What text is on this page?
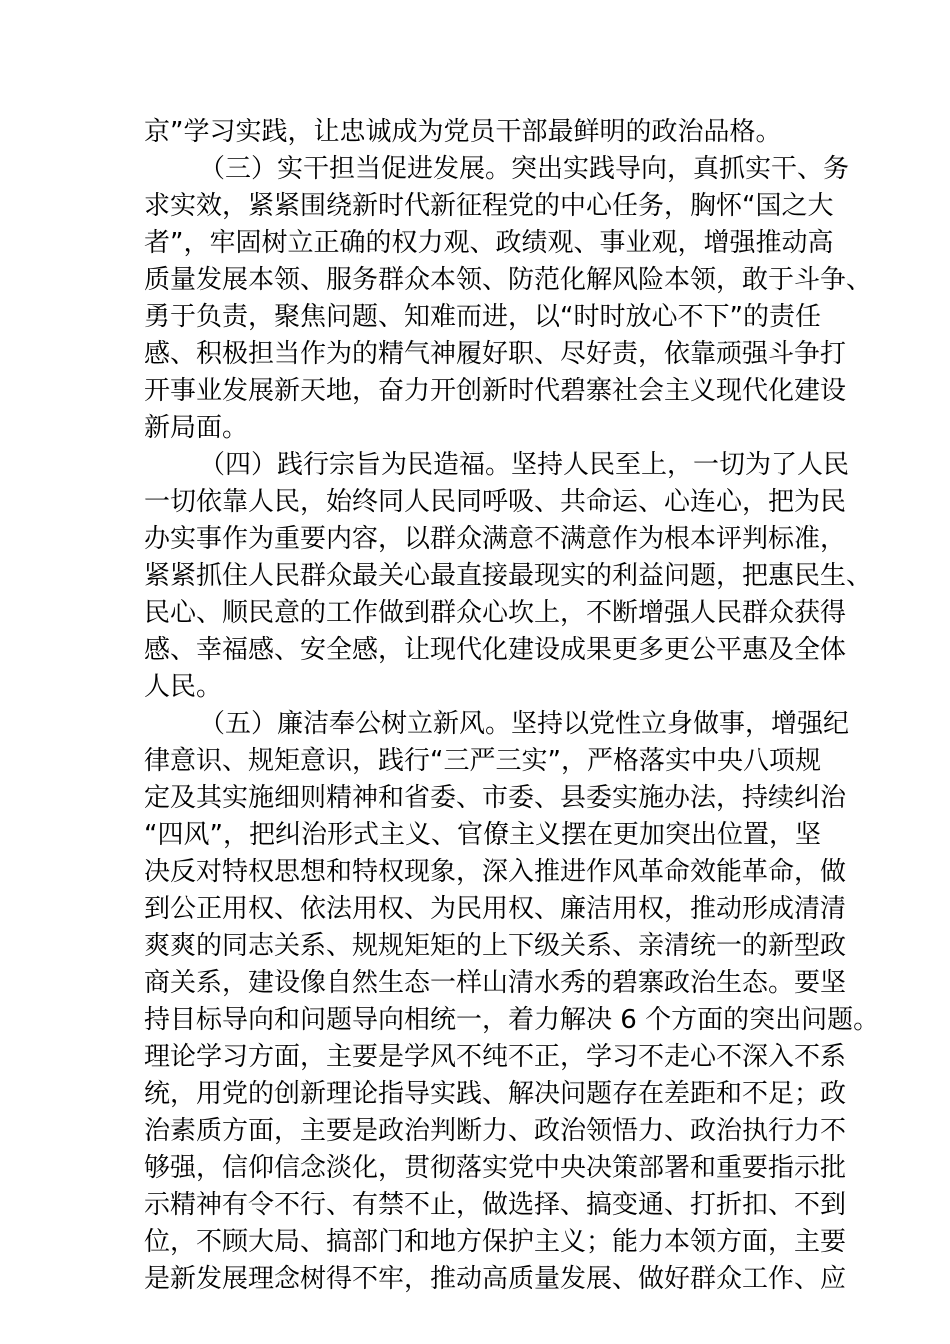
京”学习实践，让忠诚成为党员干部最鲜明的政治品格。
（三）实干担当促进发展。突出实践导向，真抓实干、务
求实效，紧紧围绕新时代新征程党的中心任务，胸怀“国之大
者”，牢固树立正确的权力观、政绩观、事业观，增强推动高
质量发展本领、服务群众本领、防范化解风险本领，敢于斗争、
勇于负责，聚焦问题、知难而进，以“时时放心不下”的责任
感、积极担当作为的精气神履好职、尽好责，依靠顽强斗争打
开事业发展新天地，奋力开创新时代碧寨社会主义现代化建设
新局面。
（四）践行宗旨为民造福。坚持人民至上，一切为了人民
一切依靠人民，始终同人民同呼吸、共命运、心连心，把为民
办实事作为重要内容，以群众满意不满意作为根本评判标准，
紧紧抓住人民群众最关心最直接最现实的利益问题，把惠民生、
民心、顺民意的工作做到群众心坎上，不断增强人民群众获得
感、幸福感、安全感，让现代化建设成果更多更公平惠及全体
人民。
（五）廉洁奉公树立新风。坚持以党性立身做事，增强纪
律意识、规矩意识，践行“三严三实”，严格落实中央八项规
定及其实施细则精神和省委、市委、县委实施办法，持续纠治
“四风”，把纠治形式主义、官僚主义摆在更加突出位置，坚
决反对特权思想和特权现象，深入推进作风革命效能革命，做
到公正用权、依法用权、为民用权、廉洁用权，推动形成清清
爽爽的同志关系、规规矩矩的上下级关系、亲清统一的新型政
商关系，建设像自然生态一样山清水秀的碧寨政治生态。要坚
持目标导向和问题导向相统一，着力解决 6 个方面的突出问题。
理论学习方面，主要是学风不纯不正，学习不走心不深入不系
统，用党的创新理论指导实践、解决问题存在差距和不足；政
治素质方面，主要是政治判断力、政治领悟力、政治执行力不
够强，信仰信念淡化，贯彻落实党中央决策部署和重要指示批
示精神有令不行、有禁不止，做选择、搞变通、打折扣、不到
位，不顾大局、搞部门和地方保护主义；能力本领方面，主要
是新发展理念树得不牢，推动高质量发展、做好群众工作、应
